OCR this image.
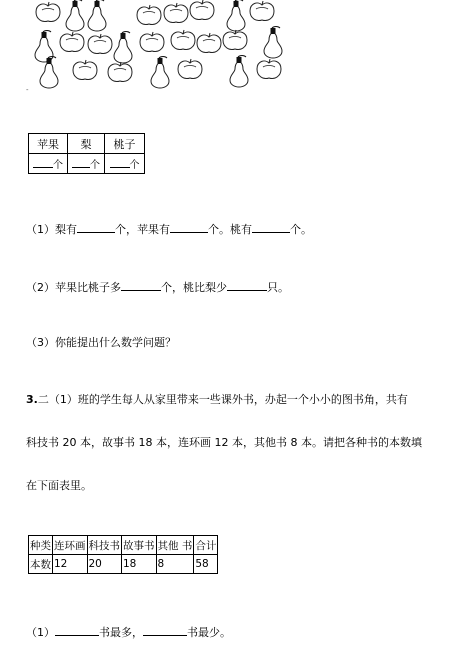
‐
苹果	梨	桃子
个	个	个
（1）梨有	个，苹果有	个。桃有	个。
（2）苹果比桃子多	个，桃比梨少	只。
（3）你能提出什么数学问题？
3.二（1）班的学生每人从家里带来一些课外书，办起一个小小的图书角，共有
科技书 20 本，故事书 18 本，连环画 12 本，其他书 8 本。请把各种书的本数填
在下面表里。
种类	连环画	科技书	故事书	其他 书	合计
本数	12	20	18	8	58
（1）	书最多，	书最少。
